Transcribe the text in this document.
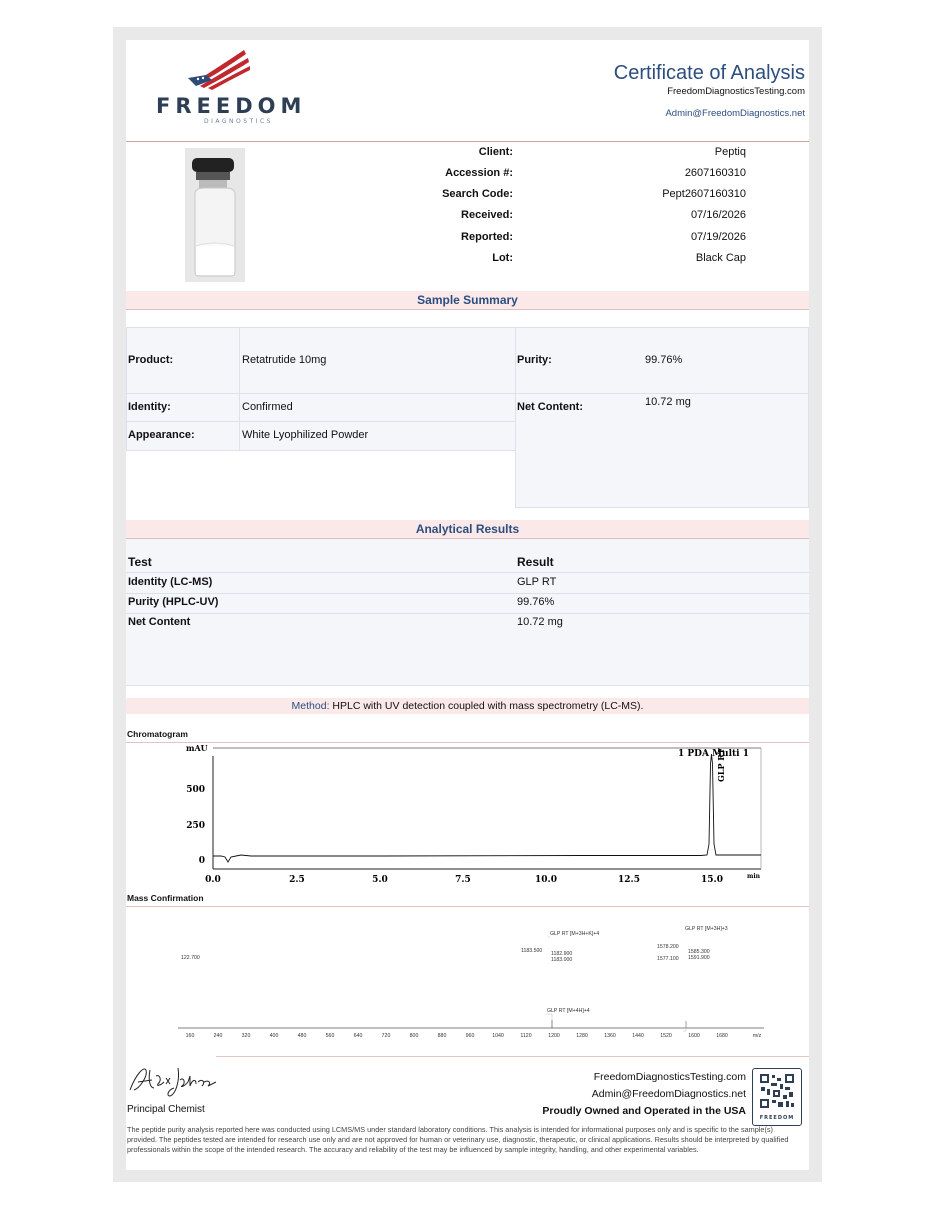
FREEDOM
DIAGNOSTICS
Certificate of Analysis
FreedomDiagnosticsTesting.com
Admin@FreedomDiagnostics.net
Client:	Peptiq
Accession #:	2607160310
Search Code:	Pept2607160310
Received:	07/16/2026
Reported:	07/19/2026
Lot:	Black Cap
Sample Summary
Product:	Retatrutide 10mg	Purity:	99.76%
Identity:	Confirmed	Net Content:	10.72 mg
Appearance:	White Lyophilized Powder
Analytical Results
Test	Result
Identity (LC-MS)	GLP RT
Purity (HPLC-UV)	99.76%
Net Content	10.72 mg
Method: HPLC with UV detection coupled with mass spectrometry (LC-MS).
Chromatogram
mAU
500
250
0
0.0	2.5	5.0	7.5	10.0	12.5	15.0	min
1 PDA Multi 1
GLP RT
Mass Confirmation
160	240	320	400	480	560	640	720	800	880	960	1040	1120	1200	1280	1360	1440	1520	1600	1680	m/z
GLP RT [M+4H]+4
GLP RT [M+3H+K]+4
GLP RT [M+3H]+3
122.700
1183.500 1182.900
1183.000
1578.200
1577.100
1585.300
1591.900
Principal Chemist
FreedomDiagnosticsTesting.com
Admin@FreedomDiagnostics.net
Proudly Owned and Operated in the USA
FREEDOM
The peptide purity analysis reported here was conducted using LCMS/MS under standard laboratory conditions. This analysis is intended for informational purposes only and is specific to the sample(s) provided. The peptides tested are intended for research use only and are not approved for human or veterinary use, diagnostic, therapeutic, or clinical applications. Results should be interpreted by qualified professionals within the scope of the intended research. The accuracy and reliability of the test may be influenced by sample integrity, handling, and other experimental variables.
